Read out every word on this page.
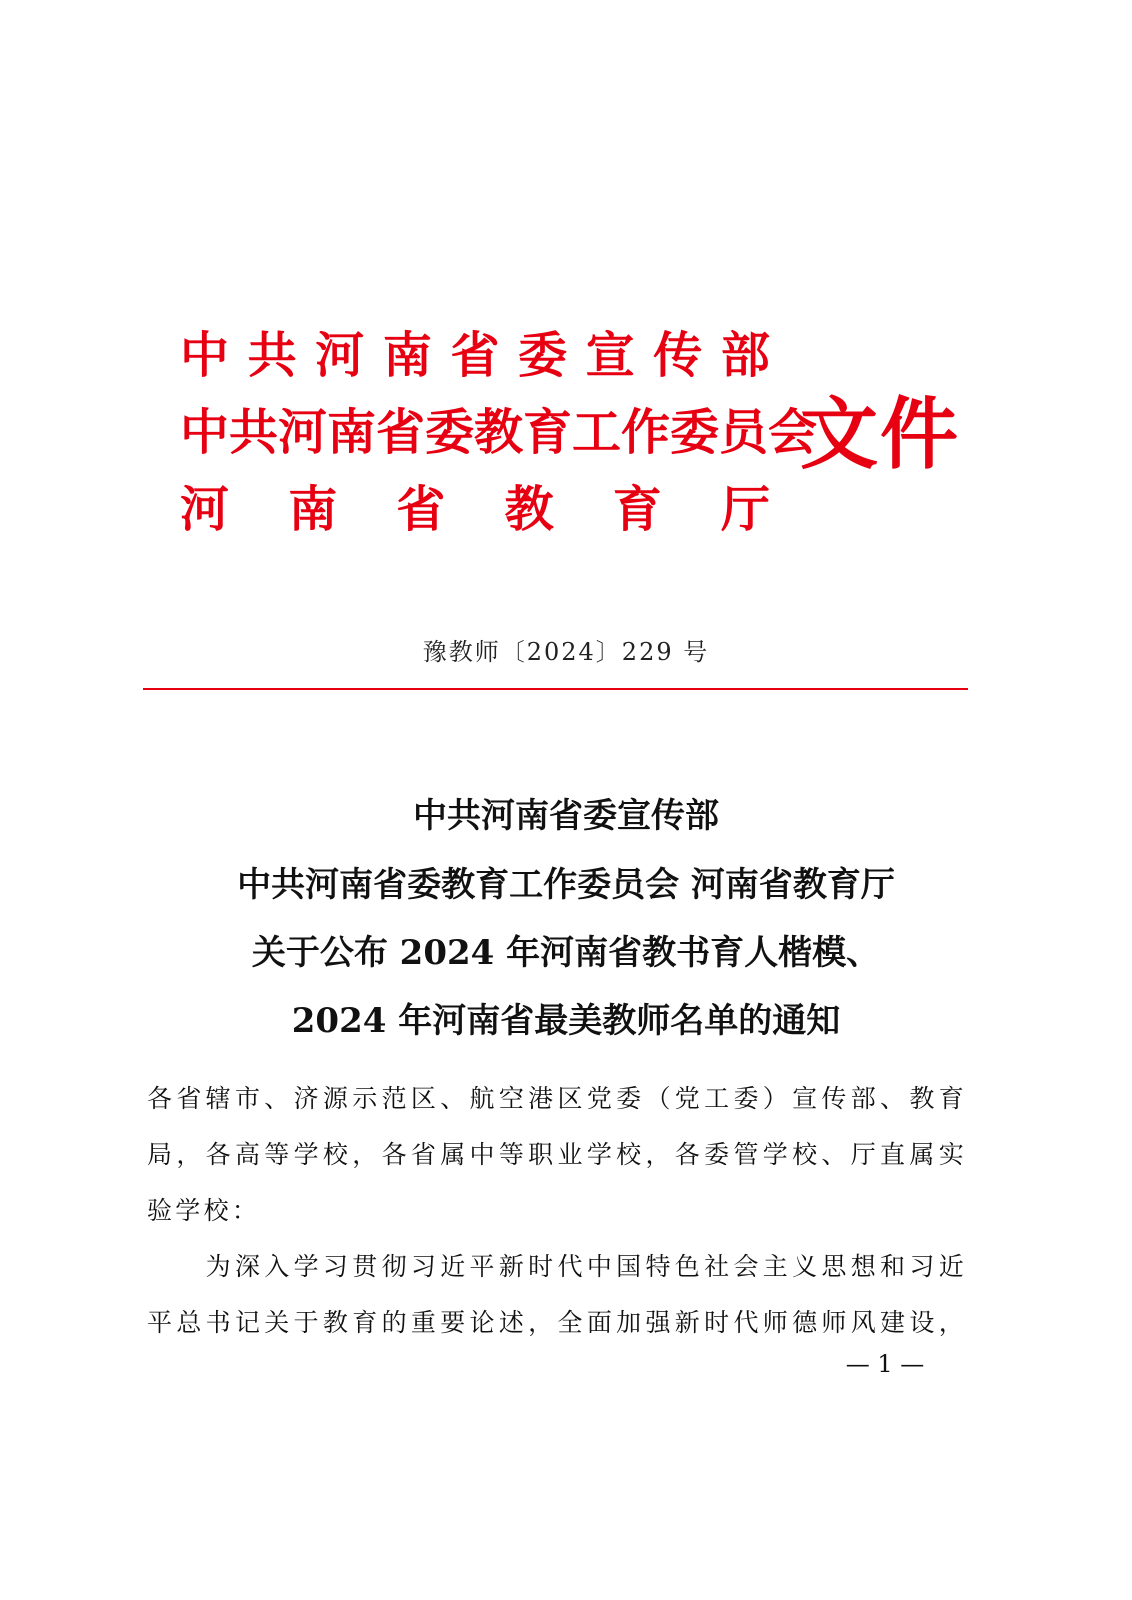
中 共 河 南 省 委 宣 传 部
中共河南省委教育工作委员会
河 南 省 教 育 厅
文件
豫教师〔2024〕229 号
中共河南省委宣传部
中共河南省委教育工作委员会 河南省教育厅
关于公布 2024 年河南省教书育人楷模、
2024 年河南省最美教师名单的通知
各省辖市、济源示范区、航空港区党委（党工委）宣传部、教育
局，各高等学校，各省属中等职业学校，各委管学校、厅直属实
验学校：
　　为深入学习贯彻习近平新时代中国特色社会主义思想和习近
平总书记关于教育的重要论述，全面加强新时代师德师风建设，
— 1 —
